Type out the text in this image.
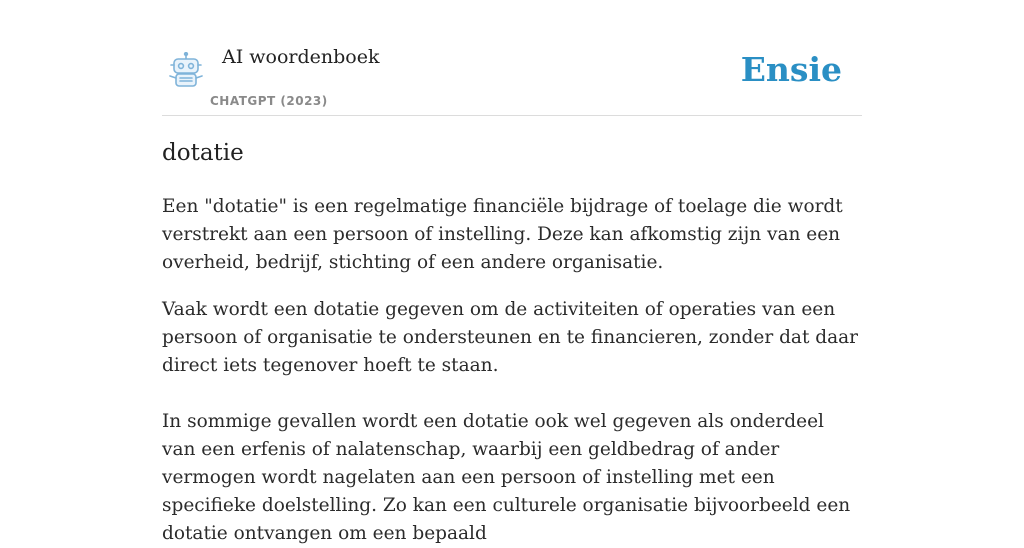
AI woordenboek
CHATGPT (2023)
Ensie
dotatie

Een "dotatie" is een regelmatige financiële bijdrage of toelage die wordt verstrekt aan een persoon of instelling. Deze kan afkomstig zijn van een overheid, bedrijf, stichting of een andere organisatie.

Vaak wordt een dotatie gegeven om de activiteiten of operaties van een persoon of organisatie te ondersteunen en te financieren, zonder dat daar direct iets tegenover hoeft te staan.

In sommige gevallen wordt een dotatie ook wel gegeven als onderdeel van een erfenis of nalatenschap, waarbij een geldbedrag of ander vermogen wordt nagelaten aan een persoon of instelling met een specifieke doelstelling. Zo kan een culturele organisatie bijvoorbeeld een dotatie ontvangen om een bepaald
